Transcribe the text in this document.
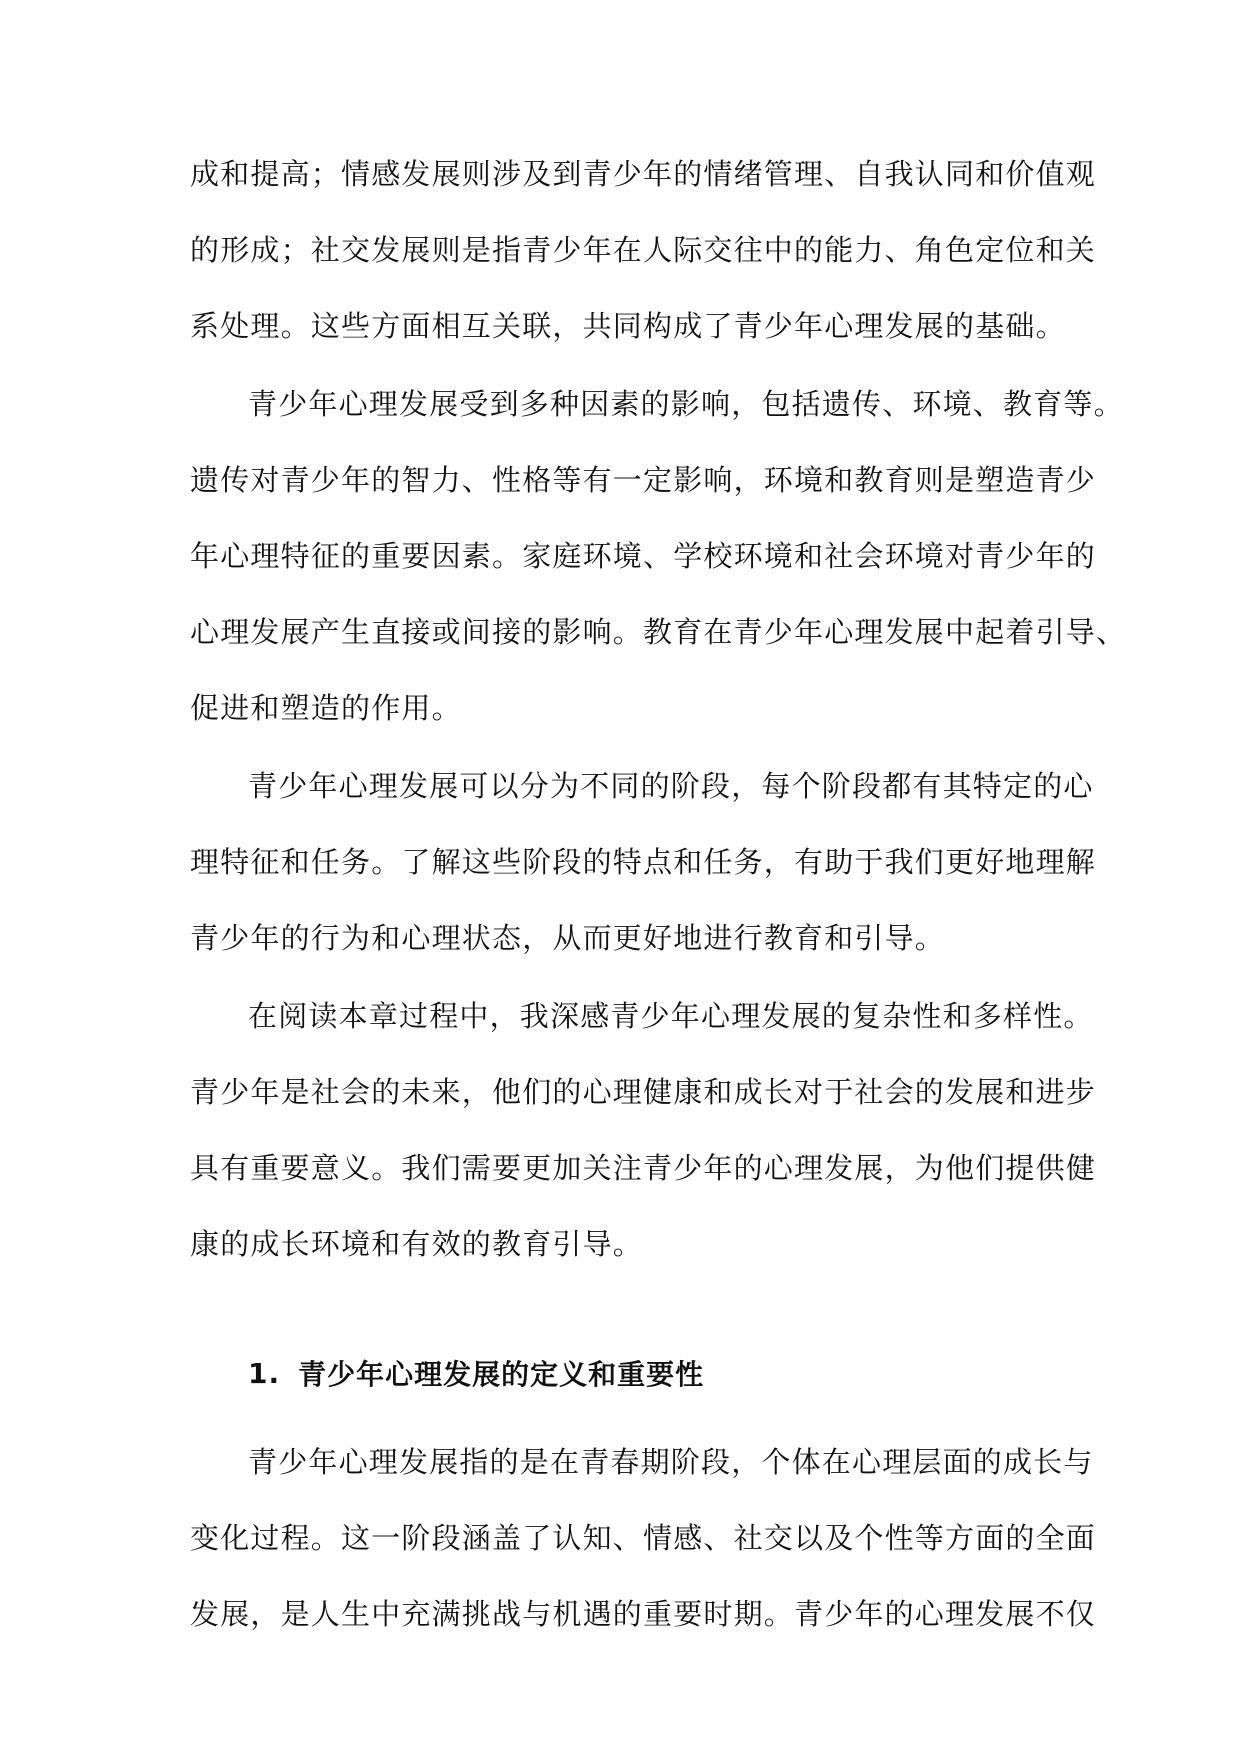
成和提高；情感发展则涉及到青少年的情绪管理、自我认同和价值观
的形成；社交发展则是指青少年在人际交往中的能力、角色定位和关
系处理。这些方面相互关联，共同构成了青少年心理发展的基础。
青少年心理发展受到多种因素的影响，包括遗传、环境、教育等。
遗传对青少年的智力、性格等有一定影响，环境和教育则是塑造青少
年心理特征的重要因素。家庭环境、学校环境和社会环境对青少年的
心理发展产生直接或间接的影响。教育在青少年心理发展中起着引导、
促进和塑造的作用。
青少年心理发展可以分为不同的阶段，每个阶段都有其特定的心
理特征和任务。了解这些阶段的特点和任务，有助于我们更好地理解
青少年的行为和心理状态，从而更好地进行教育和引导。
在阅读本章过程中，我深感青少年心理发展的复杂性和多样性。
青少年是社会的未来，他们的心理健康和成长对于社会的发展和进步
具有重要意义。我们需要更加关注青少年的心理发展，为他们提供健
康的成长环境和有效的教育引导。
1. 青少年心理发展的定义和重要性
青少年心理发展指的是在青春期阶段，个体在心理层面的成长与
变化过程。这一阶段涵盖了认知、情感、社交以及个性等方面的全面
发展，是人生中充满挑战与机遇的重要时期。青少年的心理发展不仅
